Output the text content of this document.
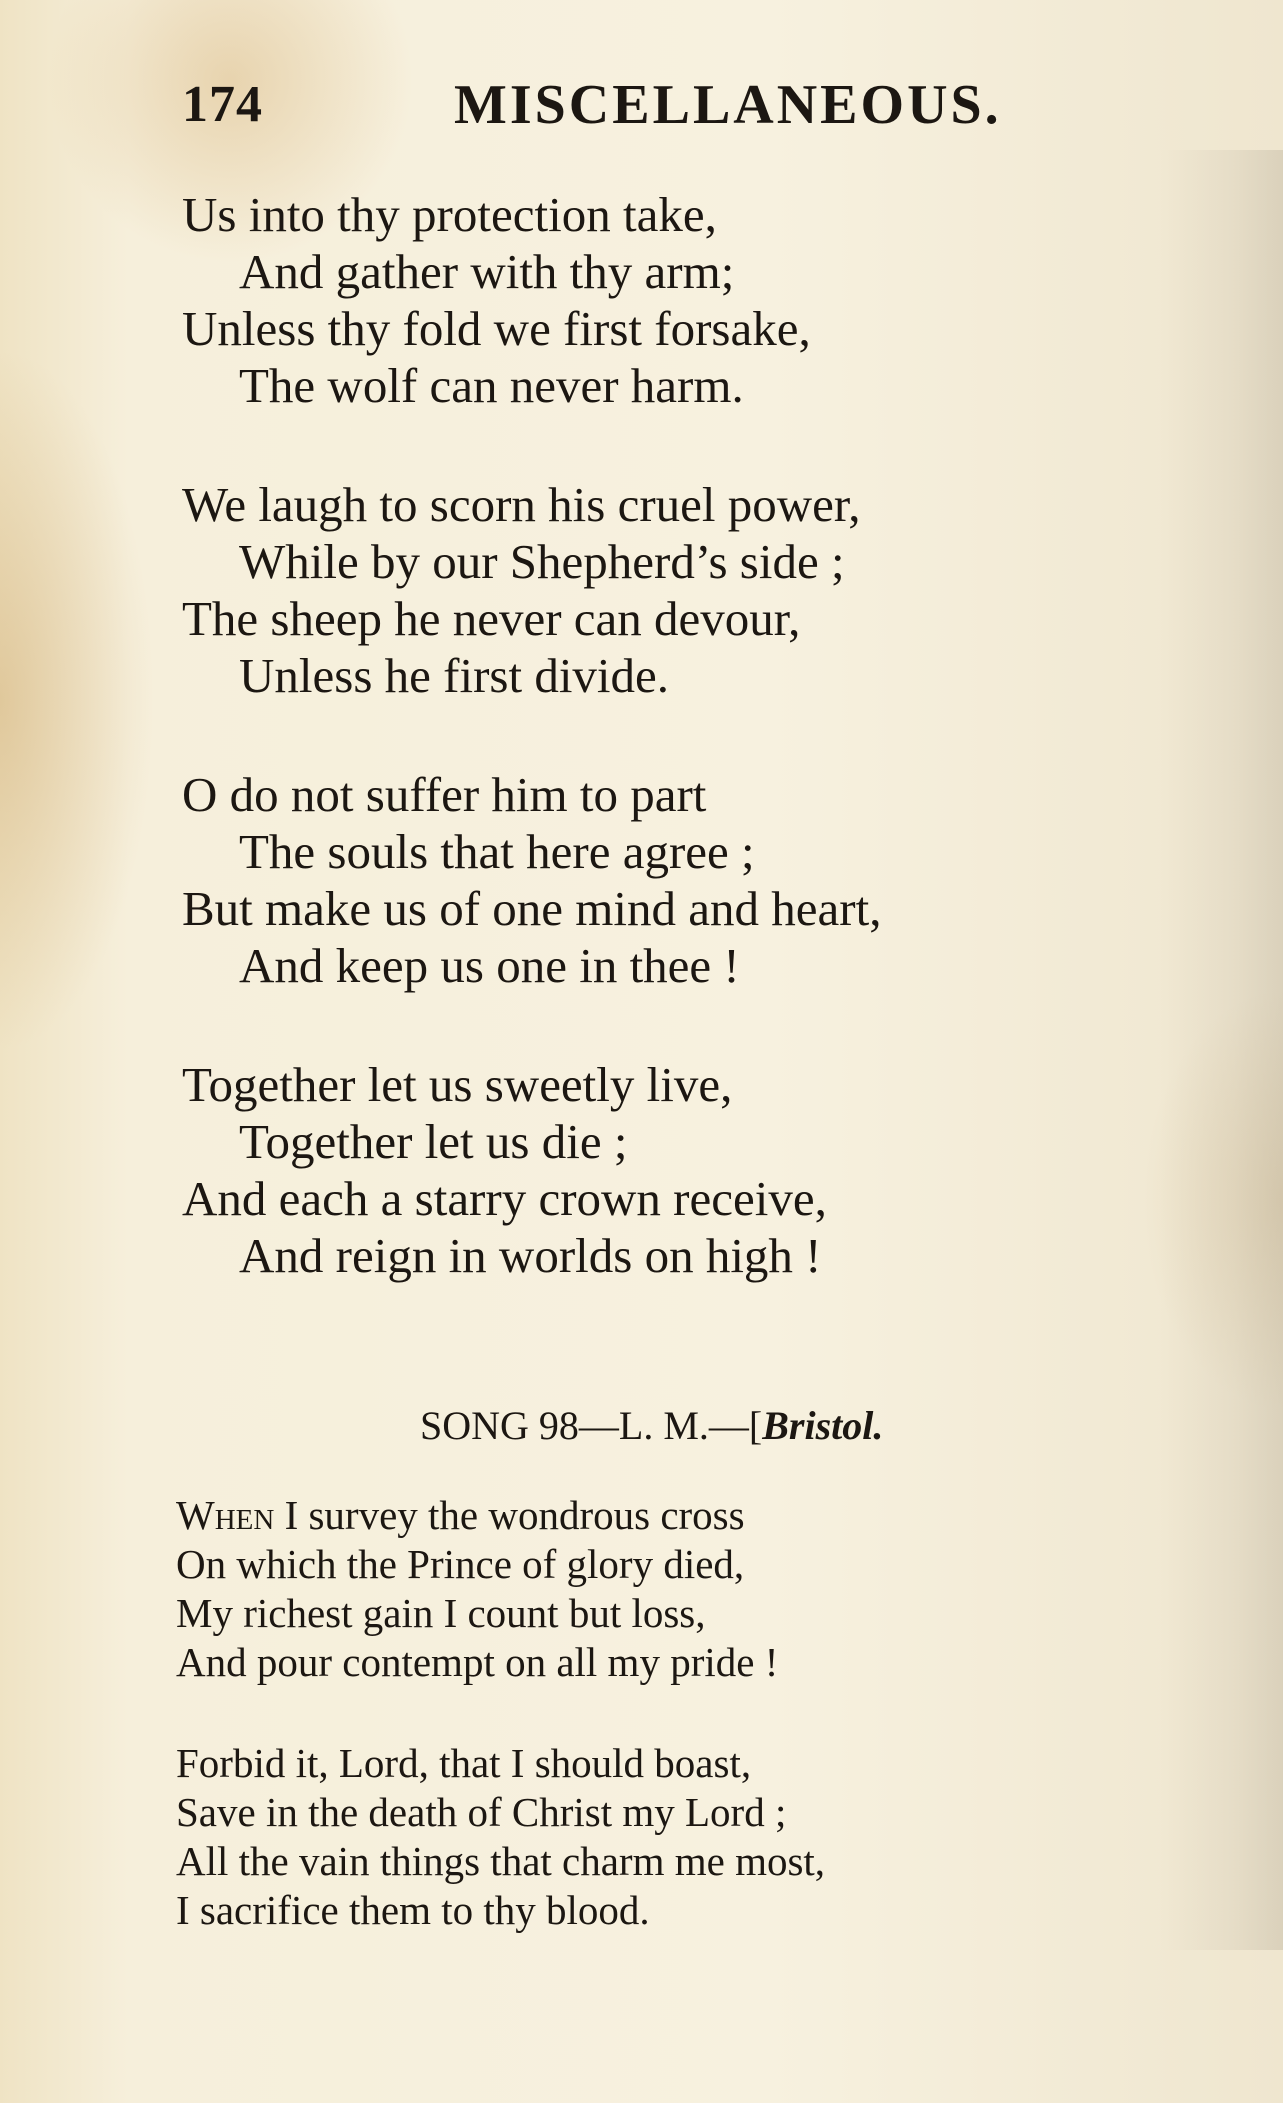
174	MISCELLANEOUS.
Us into thy protection take,
And gather with thy arm;
Unless thy fold we first forsake,
The wolf can never harm.
We laugh to scorn his cruel power,
While by our Shepherd’s side ;
The sheep he never can devour,
Unless he first divide.
O do not suffer him to part
The souls that here agree ;
But make us of one mind and heart,
And keep us one in thee !
Together let us sweetly live,
Together let us die ;
And each a starry crown receive,
And reign in worlds on high !
SONG 98—L. M.—[Bristol.
When I survey the wondrous cross
On which the Prince of glory died,
My richest gain I count but loss,
And pour contempt on all my pride !
Forbid it, Lord, that I should boast,
Save in the death of Christ my Lord ;
All the vain things that charm me most,
I sacrifice them to thy blood.
